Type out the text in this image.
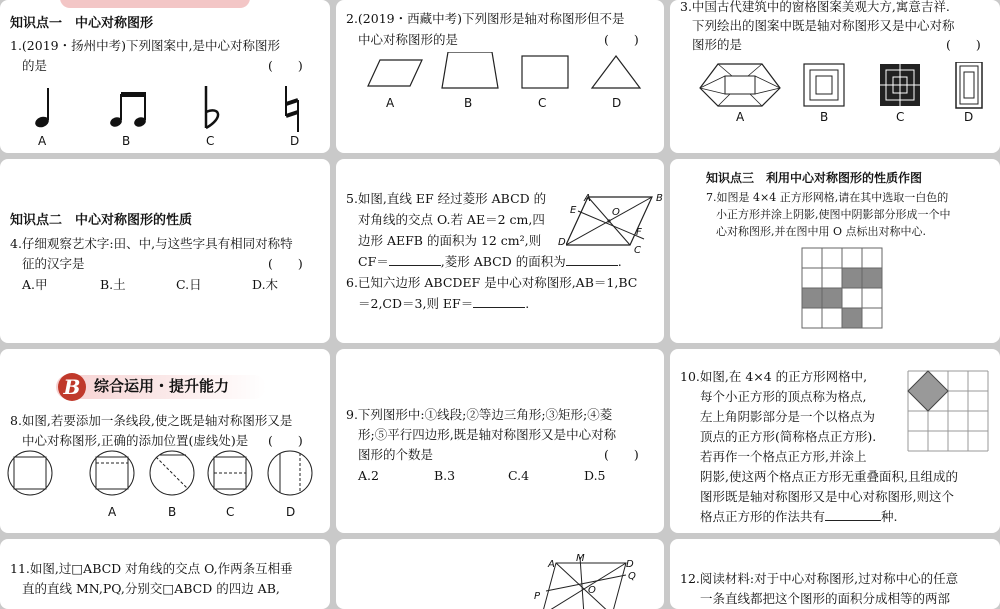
知识点一　中心对称图形
1.(2019・扬州中考)下列图案中,是中心对称图形
的是	(　　)
A	B	C	D
2.(2019・西藏中考)下列图形是轴对称图形但不是
中心对称图形的是	(　　)
A	B	C	D
3.中国古代建筑中的窗格图案美观大方,寓意吉祥.
下列绘出的图案中既是轴对称图形又是中心对称
图形的是	(　　)
A	B	C	D
知识点二　中心对称图形的性质
4.仔细观察艺术字:田、中,与这些字具有相同对称特
征的汉字是	(　　)
A.甲	B.土	C.日	D.木
5.如图,直线 EF 经过菱形 ABCD 的
对角线的交点 O.若 AE＝2 cm,四
边形 AEFB 的面积为 12 cm²,则
CF＝	,菱形 ABCD 的面积为	.
A	B
C
D
E
F
O
6.已知六边形 ABCDEF 是中心对称图形,AB＝1,BC
＝2,CD＝3,则 EF＝	.
知识点三　利用中心对称图形的性质作图
7.如图是 4×4 正方形网格,请在其中选取一白色的
小正方形并涂上阴影,使图中阴影部分形成一个中
心对称图形,并在图中用 O 点标出对称中心.
B 综合运用・提升能力
8.如图,若要添加一条线段,使之既是轴对称图形又是
中心对称图形,正确的添加位置(虚线处)是 (　　)
A	B	C	D
9.下列图形中:①线段;②等边三角形;③矩形;④菱
形;⑤平行四边形,既是轴对称图形又是中心对称
图形的个数是	(　　)
A.2	B.3	C.4	D.5
10.如图,在 4×4 的正方形网格中,
每个小正方形的顶点称为格点,
左上角阴影部分是一个以格点为
顶点的正方形(简称格点正方形).
若再作一个格点正方形,并涂上
阴影,使这两个格点正方形无重叠面积,且组成的
图形既是轴对称图形又是中心对称图形,则这个
格点正方形的作法共有	种.
11.如图,过□ABCD 对角线的交点 O,作两条互相垂
直的直线 MN,PQ,分别交□ABCD 的四边 AB,
A
M
D
Q
O
P
12.阅读材料:对于中心对称图形,过对称中心的任意
一条直线都把这个图形的面积分成相等的两部
